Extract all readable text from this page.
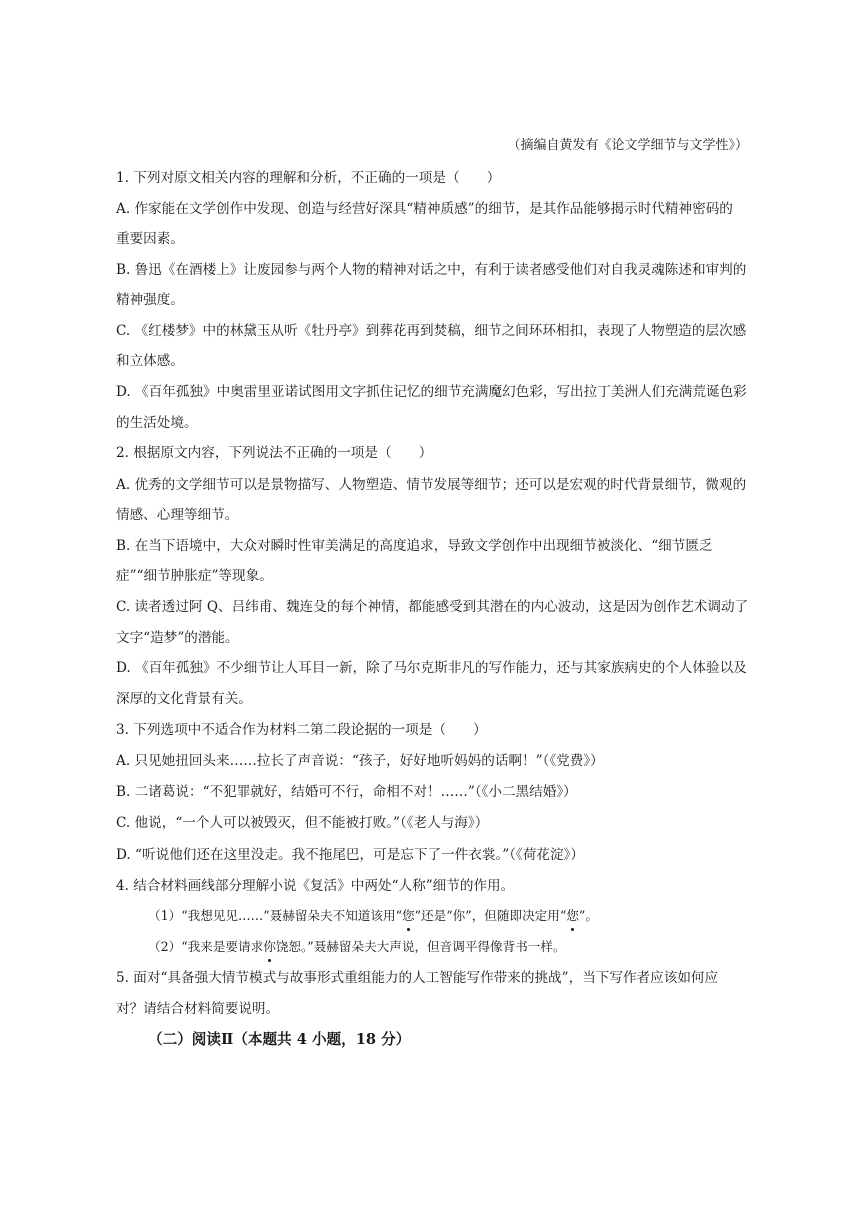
（摘编自黄发有《论文学细节与文学性》）
1. 下列对原文相关内容的理解和分析，不正确的一项是（　　）
A. 作家能在文学创作中发现、创造与经营好深具“精神质感”的细节，是其作品能够揭示时代精神密码的
重要因素。
B. 鲁迅《在酒楼上》让废园参与两个人物的精神对话之中，有利于读者感受他们对自我灵魂陈述和审判的
精神强度。
C. 《红楼梦》中的林黛玉从听《牡丹亭》到葬花再到焚稿，细节之间环环相扣，表现了人物塑造的层次感
和立体感。
D. 《百年孤独》中奥雷里亚诺试图用文字抓住记忆的细节充满魔幻色彩，写出拉丁美洲人们充满荒诞色彩
的生活处境。
2. 根据原文内容，下列说法不正确的一项是（　　）
A. 优秀的文学细节可以是景物描写、人物塑造、情节发展等细节；还可以是宏观的时代背景细节，微观的
情感、心理等细节。
B. 在当下语境中，大众对瞬时性审美满足的高度追求，导致文学创作中出现细节被淡化、“细节匮乏
症”“细节肿胀症”等现象。
C. 读者透过阿 Q、吕纬甫、魏连殳的每个神情，都能感受到其潜在的内心波动，这是因为创作艺术调动了
文字“造梦”的潜能。
D. 《百年孤独》不少细节让人耳目一新，除了马尔克斯非凡的写作能力，还与其家族病史的个人体验以及
深厚的文化背景有关。
3. 下列选项中不适合作为材料二第二段论据的一项是（　　）
A. 只见她扭回头来……拉长了声音说：“孩子，好好地听妈妈的话啊！”（《党费》）
B. 二诸葛说：“不犯罪就好，结婚可不行，命相不对！……”（《小二黑结婚》）
C. 他说，“一个人可以被毁灭，但不能被打败。”（《老人与海》）
D. “听说他们还在这里没走。我不拖尾巴，可是忘下了一件衣裳。”（《荷花淀》）
4. 结合材料画线部分理解小说《复活》中两处“人称”细节的作用。
（1）“我想见见……”聂赫留朵夫不知道该用“您”还是“你”，但随即决定用“您”。
（2）“我来是要请求你饶恕。”聂赫留朵夫大声说，但音调平得像背书一样。
5. 面对“具备强大情节模式与故事形式重组能力的人工智能写作带来的挑战”，当下写作者应该如何应
对？请结合材料简要说明。
（二）阅读Ⅱ（本题共 4 小题，18 分）
